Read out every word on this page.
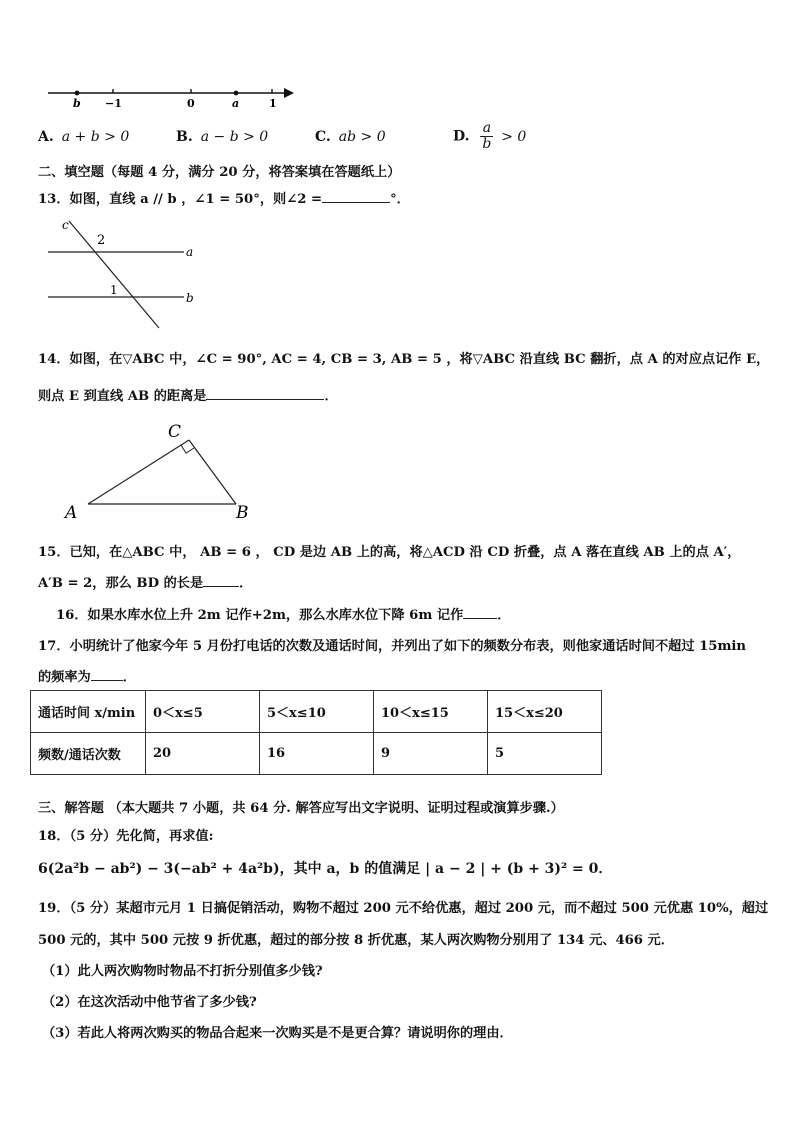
b −1	0	a	1
A. a + b > 0	B. a − b > 0	C. ab > 0	D. $\frac{a}{b} > 0$
二、填空题（每题 4 分，满分 20 分，将答案填在答题纸上）
13．如图，直线 a // b ，∠1 = 50°，则∠2 =	°．
c
2
1
a
b
14．如图，在▽ABC 中，∠C = 90°, AC = 4, CB = 3, AB = 5 ，将▽ABC 沿直线 BC 翻折，点 A 的对应点记作 E，
则点 E 到直线 AB 的距离是	．
C
A	B
15．已知，在△ABC 中， AB = 6 ， CD 是边 AB 上的高，将△ACD 沿 CD 折叠，点 A 落在直线 AB 上的点 A′，
A′B = 2，那么 BD 的长是	．
16．如果水库水位上升 2m 记作+2m，那么水库水位下降 6m 记作	．
17．小明统计了他家今年 5 月份打电话的次数及通话时间，并列出了如下的频数分布表，则他家通话时间不超过 15min
的频率为 ．
通话时间 x/min	0＜x≤5	5＜x≤10	10＜x≤15	15＜x≤20
频数/通话次数	20	16	9	5
三、解答题 （本大题共 7 小题，共 64 分. 解答应写出文字说明、证明过程或演算步骤.）
18．（5 分）先化简，再求值:
6(2a²b − ab²) − 3(−ab² + 4a²b)，其中 a，b 的值满足 | a − 2 | + (b + 3)² = 0．
19．（5 分）某超市元月 1 日搞促销活动，购物不超过 200 元不给优惠，超过 200 元，而不超过 500 元优惠 10%，超过
500 元的，其中 500 元按 9 折优惠，超过的部分按 8 折优惠，某人两次购物分别用了 134 元、466 元．
（1）此人两次购物时物品不打折分别值多少钱?
（2）在这次活动中他节省了多少钱?
（3）若此人将两次购买的物品合起来一次购买是不是更合算？请说明你的理由．
